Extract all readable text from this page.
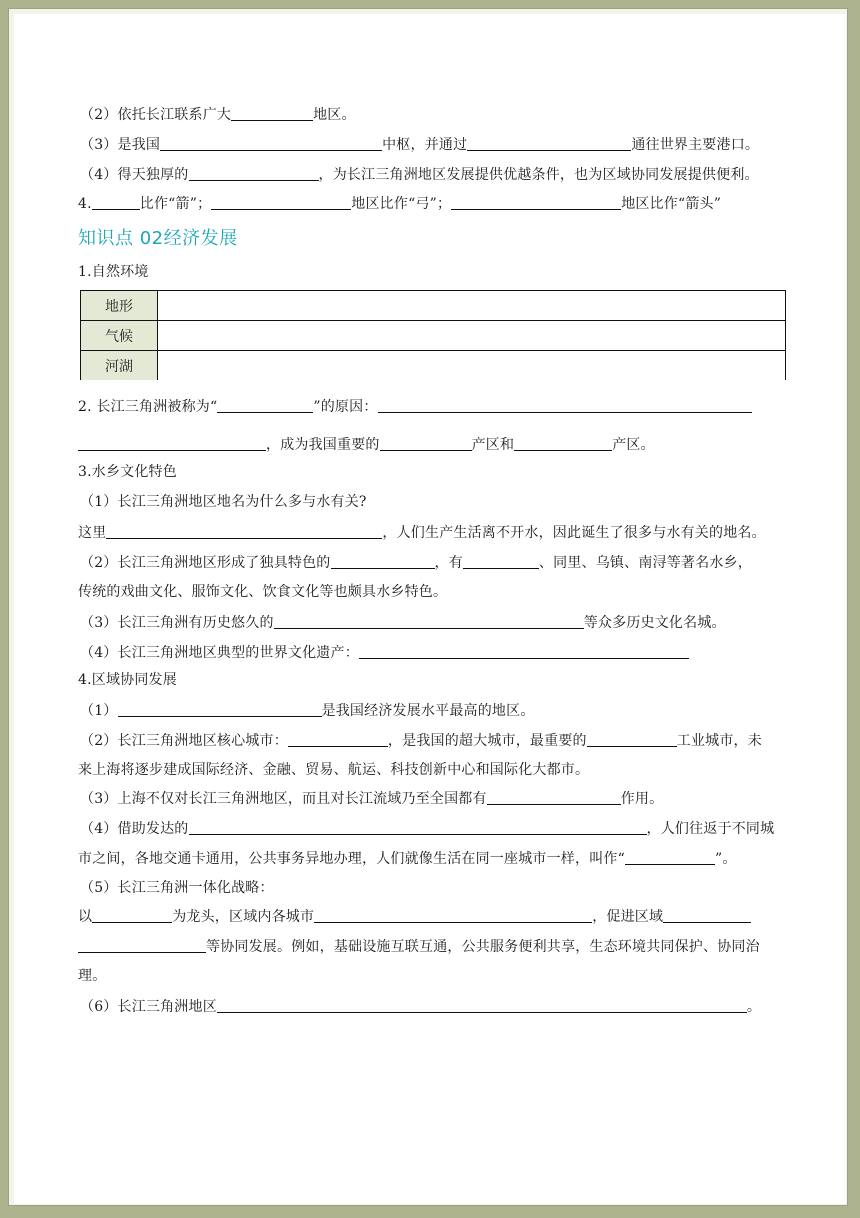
（2）依托长江联系广大	地区。
（3）是我国	中枢，并通过	通往世界主要港口。
（4）得天独厚的	，为长江三角洲地区发展提供优越条件，也为区域协同发展提供便利。
4.	比作“箭”；	地区比作“弓”；	地区比作“箭头”
知识点 02经济发展
1.自然环境
地形	
气候	
河湖	
2. 长江三角洲被称为“	”的原因：
，成为我国重要的	产区和	产区。
3.水乡文化特色
（1）长江三角洲地区地名为什么多与水有关?
这里	，人们生产生活离不开水，因此诞生了很多与水有关的地名。
（2）长江三角洲地区形成了独具特色的	，有	、同里、乌镇、南浔等著名水乡，
传统的戏曲文化、服饰文化、饮食文化等也颇具水乡特色。
（3）长江三角洲有历史悠久的	等众多历史文化名城。
（4）长江三角洲地区典型的世界文化遗产：
4.区域协同发展
（1）	是我国经济发展水平最高的地区。
（2）长江三角洲地区核心城市：	，是我国的超大城市，最重要的	工业城市，未
来上海将逐步建成国际经济、金融、贸易、航运、科技创新中心和国际化大都市。
（3）上海不仅对长江三角洲地区，而且对长江流域乃至全国都有	作用。
（4）借助发达的	，人们往返于不同城
市之间，各地交通卡通用，公共事务异地办理，人们就像生活在同一座城市一样，叫作“	”。
（5）长江三角洲一体化战略：
以	为龙头，区域内各城市	，促进区域
等协同发展。例如，基础设施互联互通，公共服务便利共享，生态环境共同保护、协同治
理。
（6）长江三角洲地区	。
